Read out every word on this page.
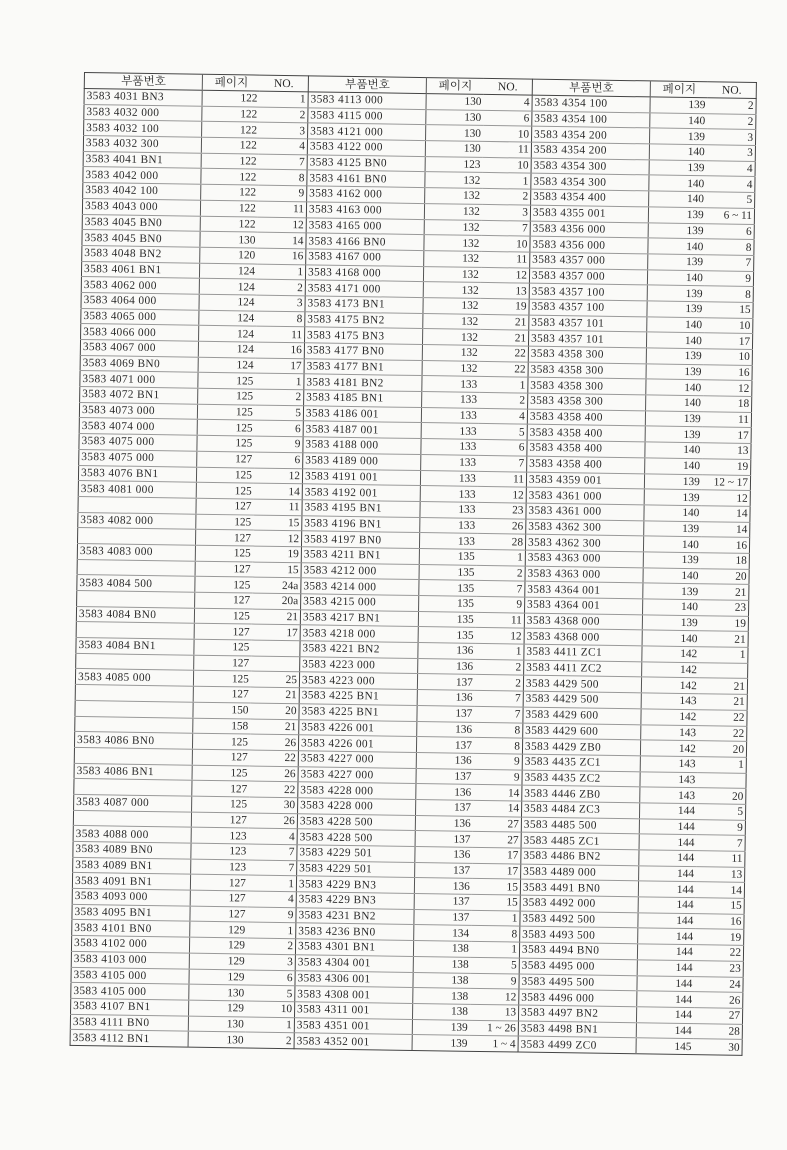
부품번호	페이지	NO.	부품번호	페이지	NO.	부품번호	페이지	NO.
3583 4031 BN3	122	1	3583 4113 000	130	4	3583 4354 100	139	2
3583 4032 000	122	2	3583 4115 000	130	6	3583 4354 100	140	2
3583 4032 100	122	3	3583 4121 000	130	10	3583 4354 200	139	3
3583 4032 300	122	4	3583 4122 000	130	11	3583 4354 200	140	3
3583 4041 BN1	122	7	3583 4125 BN0	123	10	3583 4354 300	139	4
3583 4042 000	122	8	3583 4161 BN0	132	1	3583 4354 300	140	4
3583 4042 100	122	9	3583 4162 000	132	2	3583 4354 400	140	5
3583 4043 000	122	11	3583 4163 000	132	3	3583 4355 001	139	6 ~ 11
3583 4045 BN0	122	12	3583 4165 000	132	7	3583 4356 000	139	6
3583 4045 BN0	130	14	3583 4166 BN0	132	10	3583 4356 000	140	8
3583 4048 BN2	120	16	3583 4167 000	132	11	3583 4357 000	139	7
3583 4061 BN1	124	1	3583 4168 000	132	12	3583 4357 000	140	9
3583 4062 000	124	2	3583 4171 000	132	13	3583 4357 100	139	8
3583 4064 000	124	3	3583 4173 BN1	132	19	3583 4357 100	139	15
3583 4065 000	124	8	3583 4175 BN2	132	21	3583 4357 101	140	10
3583 4066 000	124	11	3583 4175 BN3	132	21	3583 4357 101	140	17
3583 4067 000	124	16	3583 4177 BN0	132	22	3583 4358 300	139	10
3583 4069 BN0	124	17	3583 4177 BN1	132	22	3583 4358 300	139	16
3583 4071 000	125	1	3583 4181 BN2	133	1	3583 4358 300	140	12
3583 4072 BN1	125	2	3583 4185 BN1	133	2	3583 4358 300	140	18
3583 4073 000	125	5	3583 4186 001	133	4	3583 4358 400	139	11
3583 4074 000	125	6	3583 4187 001	133	5	3583 4358 400	139	17
3583 4075 000	125	9	3583 4188 000	133	6	3583 4358 400	140	13
3583 4075 000	127	6	3583 4189 000	133	7	3583 4358 400	140	19
3583 4076 BN1	125	12	3583 4191 001	133	11	3583 4359 001	139	12 ~ 17
3583 4081 000	125	14	3583 4192 001	133	12	3583 4361 000	139	12
	127	11	3583 4195 BN1	133	23	3583 4361 000	140	14
3583 4082 000	125	15	3583 4196 BN1	133	26	3583 4362 300	139	14
	127	12	3583 4197 BN0	133	28	3583 4362 300	140	16
3583 4083 000	125	19	3583 4211 BN1	135	1	3583 4363 000	139	18
	127	15	3583 4212 000	135	2	3583 4363 000	140	20
3583 4084 500	125	24a	3583 4214 000	135	7	3583 4364 001	139	21
	127	20a	3583 4215 000	135	9	3583 4364 001	140	23
3583 4084 BN0	125	21	3583 4217 BN1	135	11	3583 4368 000	139	19
	127	17	3583 4218 000	135	12	3583 4368 000	140	21
3583 4084 BN1	125		3583 4221 BN2	136	1	3583 4411 ZC1	142	1
	127		3583 4223 000	136	2	3583 4411 ZC2	142	
3583 4085 000	125	25	3583 4223 000	137	2	3583 4429 500	142	21
	127	21	3583 4225 BN1	136	7	3583 4429 500	143	21
	150	20	3583 4225 BN1	137	7	3583 4429 600	142	22
	158	21	3583 4226 001	136	8	3583 4429 600	143	22
3583 4086 BN0	125	26	3583 4226 001	137	8	3583 4429 ZB0	142	20
	127	22	3583 4227 000	136	9	3583 4435 ZC1	143	1
3583 4086 BN1	125	26	3583 4227 000	137	9	3583 4435 ZC2	143	
	127	22	3583 4228 000	136	14	3583 4446 ZB0	143	20
3583 4087 000	125	30	3583 4228 000	137	14	3583 4484 ZC3	144	5
	127	26	3583 4228 500	136	27	3583 4485 500	144	9
3583 4088 000	123	4	3583 4228 500	137	27	3583 4485 ZC1	144	7
3583 4089 BN0	123	7	3583 4229 501	136	17	3583 4486 BN2	144	11
3583 4089 BN1	123	7	3583 4229 501	137	17	3583 4489 000	144	13
3583 4091 BN1	127	1	3583 4229 BN3	136	15	3583 4491 BN0	144	14
3583 4093 000	127	4	3583 4229 BN3	137	15	3583 4492 000	144	15
3583 4095 BN1	127	9	3583 4231 BN2	137	1	3583 4492 500	144	16
3583 4101 BN0	129	1	3583 4236 BN0	134	8	3583 4493 500	144	19
3583 4102 000	129	2	3583 4301 BN1	138	1	3583 4494 BN0	144	22
3583 4103 000	129	3	3583 4304 001	138	5	3583 4495 000	144	23
3583 4105 000	129	6	3583 4306 001	138	9	3583 4495 500	144	24
3583 4105 000	130	5	3583 4308 001	138	12	3583 4496 000	144	26
3583 4107 BN1	129	10	3583 4311 001	138	13	3583 4497 BN2	144	27
3583 4111 BN0	130	1	3583 4351 001	139	1 ~ 26	3583 4498 BN1	144	28
3583 4112 BN1	130	2	3583 4352 001	139	1 ~ 4	3583 4499 ZC0	145	30
